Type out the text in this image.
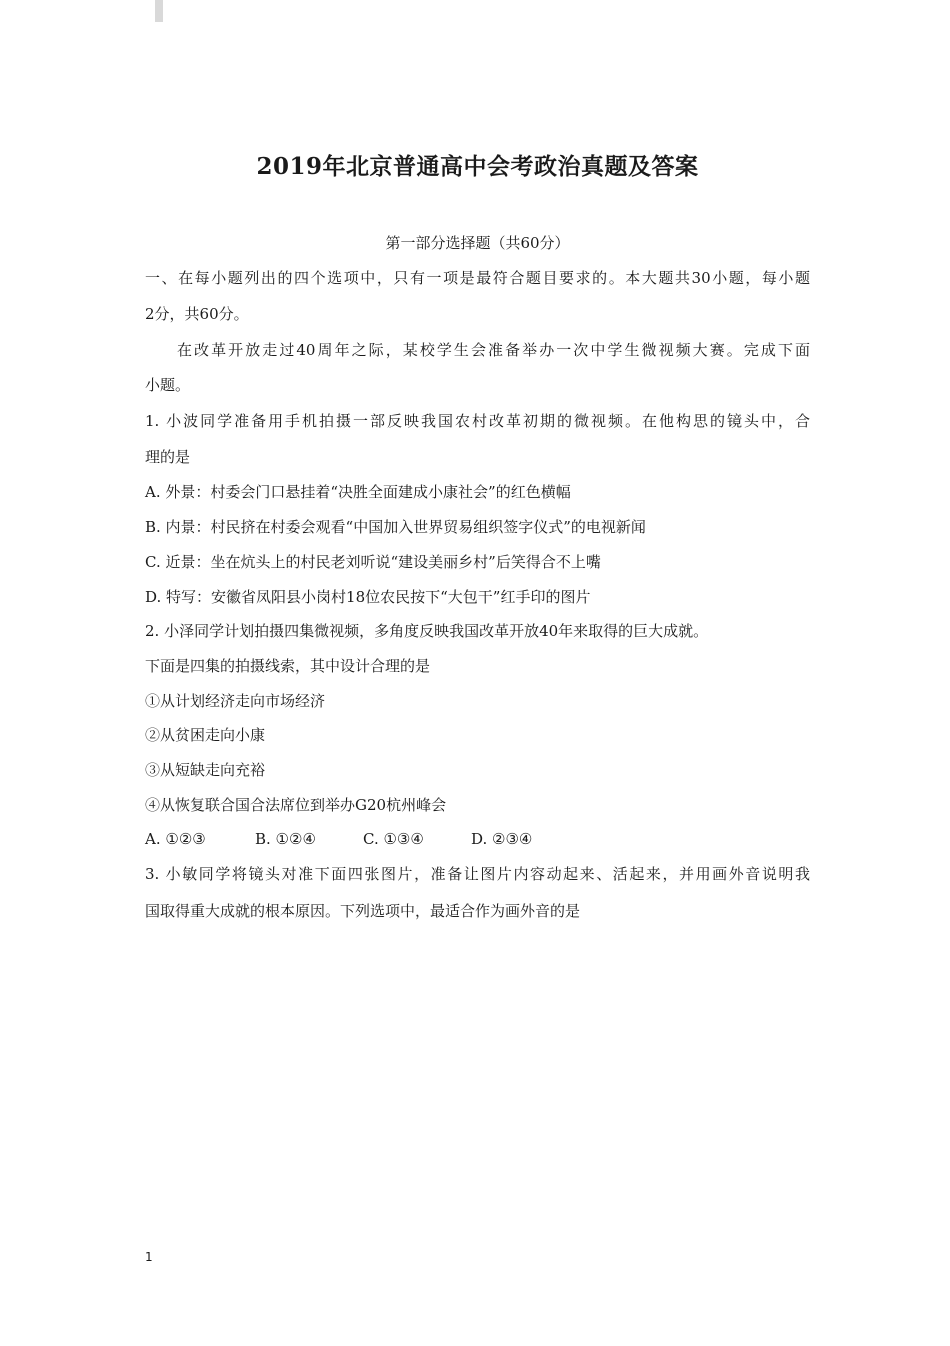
2019年北京普通高中会考政治真题及答案
第一部分选择题（共60分）
一、在每小题列出的四个选项中，只有一项是最符合题目要求的。本大题共30小题，每小题
2分，共60分。
在改革开放走过40周年之际，某校学生会准备举办一次中学生微视频大赛。完成下面
小题。
1. 小波同学准备用手机拍摄一部反映我国农村改革初期的微视频。在他构思的镜头中，合
理的是
A. 外景：村委会门口悬挂着“决胜全面建成小康社会”的红色横幅
B. 内景：村民挤在村委会观看“中国加入世界贸易组织签字仪式”的电视新闻
C. 近景：坐在炕头上的村民老刘听说“建设美丽乡村”后笑得合不上嘴
D. 特写：安徽省凤阳县小岗村18位农民按下“大包干”红手印的图片
2. 小泽同学计划拍摄四集微视频，多角度反映我国改革开放40年来取得的巨大成就。
下面是四集的拍摄线索，其中设计合理的是
①从计划经济走向市场经济
②从贫困走向小康
③从短缺走向充裕
④从恢复联合国合法席位到举办G20杭州峰会
A. ①②③	B. ①②④	C. ①③④	D. ②③④
3. 小敏同学将镜头对准下面四张图片，准备让图片内容动起来、活起来，并用画外音说明我
国取得重大成就的根本原因。下列选项中，最适合作为画外音的是
1
